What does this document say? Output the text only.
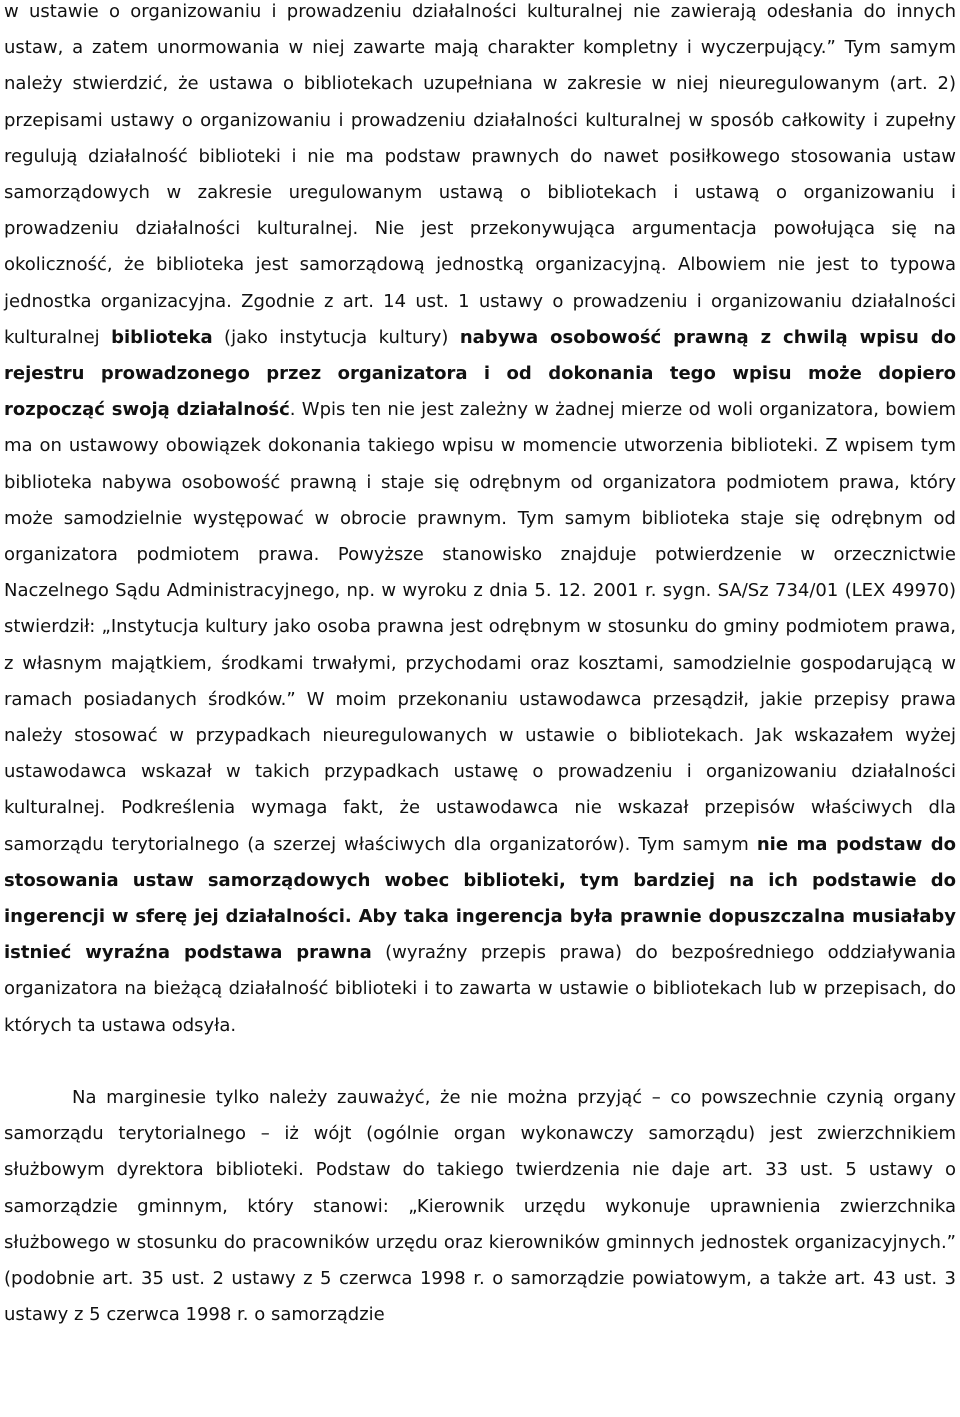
w ustawie o organizowaniu i prowadzeniu działalności kulturalnej nie zawierają odesłania do innych ustaw, a zatem unormowania w niej zawarte mają charakter kompletny i wyczerpujący.” Tym samym należy stwierdzić, że ustawa o bibliotekach uzupełniana w zakresie w niej nieuregulowanym (art. 2) przepisami ustawy o organizowaniu i prowadzeniu działalności kulturalnej w sposób całkowity i zupełny regulują działalność biblioteki i nie ma podstaw prawnych do nawet posiłkowego stosowania ustaw samorządowych w zakresie uregulowanym ustawą o bibliotekach i ustawą o organizowaniu i prowadzeniu działalności kulturalnej. Nie jest przekonywująca argumentacja powołująca się na okoliczność, że biblioteka jest samorządową jednostką organizacyjną. Albowiem nie jest to typowa jednostka organizacyjna. Zgodnie z art. 14 ust. 1 ustawy o prowadzeniu i organizowaniu działalności kulturalnej biblioteka (jako instytucja kultury) nabywa osobowość prawną z chwilą wpisu do rejestru prowadzonego przez organizatora i od dokonania tego wpisu może dopiero rozpocząć swoją działalność. Wpis ten nie jest zależny w żadnej mierze od woli organizatora, bowiem ma on ustawowy obowiązek dokonania takiego wpisu w momencie utworzenia biblioteki. Z wpisem tym biblioteka nabywa osobowość prawną i staje się odrębnym od organizatora podmiotem prawa, który może samodzielnie występować w obrocie prawnym. Tym samym biblioteka staje się odrębnym od organizatora podmiotem prawa. Powyższe stanowisko znajduje potwierdzenie w orzecznictwie Naczelnego Sądu Administracyjnego, np. w wyroku z dnia 5. 12. 2001 r. sygn. SA/Sz 734/01 (LEX 49970) stwierdził: „Instytucja kultury jako osoba prawna jest odrębnym w stosunku do gminy podmiotem prawa, z własnym majątkiem, środkami trwałymi, przychodami oraz kosztami, samodzielnie gospodarującą w ramach posiadanych środków.” W moim przekonaniu ustawodawca przesądził, jakie przepisy prawa należy stosować w przypadkach nieuregulowanych w ustawie o bibliotekach. Jak wskazałem wyżej ustawodawca wskazał w takich przypadkach ustawę o prowadzeniu i organizowaniu działalności kulturalnej. Podkreślenia wymaga fakt, że ustawodawca nie wskazał przepisów właściwych dla samorządu terytorialnego (a szerzej właściwych dla organizatorów). Tym samym nie ma podstaw do stosowania ustaw samorządowych wobec biblioteki, tym bardziej na ich podstawie do ingerencji w sferę jej działalności. Aby taka ingerencja była prawnie dopuszczalna musiałaby istnieć wyraźna podstawa prawna (wyraźny przepis prawa) do bezpośredniego oddziaływania organizatora na bieżącą działalność biblioteki i to zawarta w ustawie o bibliotekach lub w przepisach, do których ta ustawa odsyła.

Na marginesie tylko należy zauważyć, że nie można przyjąć – co powszechnie czynią organy samorządu terytorialnego – iż wójt (ogólnie organ wykonawczy samorządu) jest zwierzchnikiem służbowym dyrektora biblioteki. Podstaw do takiego twierdzenia nie daje art. 33 ust. 5 ustawy o samorządzie gminnym, który stanowi: „Kierownik urzędu wykonuje uprawnienia zwierzchnika służbowego w stosunku do pracowników urzędu oraz kierowników gminnych jednostek organizacyjnych.” (podobnie art. 35 ust. 2 ustawy z 5 czerwca 1998 r. o samorządzie powiatowym, a także art. 43 ust. 3 ustawy z 5 czerwca 1998 r. o samorządzie
